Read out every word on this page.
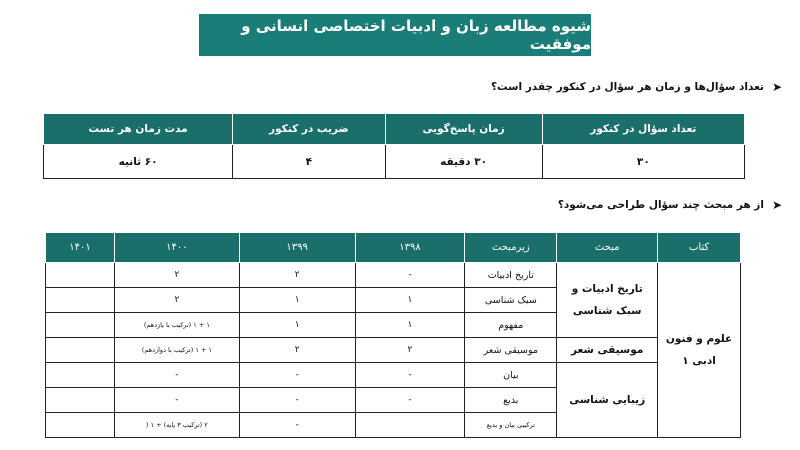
شیوه مطالعه زبان و ادبیات اختصاصی انسانی و موفقیت
➤
تعداد سؤال‌ها و زمان هر سؤال در کنکور چقدر است؟
تعداد سؤال در کنکور	زمان پاسخ‌گویی	ضریب در کنکور	مدت زمان هر تست
۳۰	۳۰ دقیقه	۴	۶۰ ثانیه
➤
از هر مبحث چند سؤال طراحی می‌شود؟
کتاب	مبحث	زیرمبحث	۱۳۹۸	۱۳۹۹	۱۴۰۰	۱۴۰۱
علوم و فنون ادبی ۱	تاریخ ادبیات و سبک شناسی	تاریخ ادبیات	-	۲	۲	
		سبک شناسی	۱	۱	۲	
		مفهوم	۱	۱	۱ + ۱ (ترکیب با یازدهم)	
	موسیقی شعر	موسیقی شعر	۲	۲	۱ + ۱ (ترکیب با دوازدهم)	
	زیبایی شناسی	بیان	-	-	-	
		بدیع	-	-	-	
		ترکیبی بیان و بدیع		-	۲ (ترکیب ۳ پایه) + ۱ (	
